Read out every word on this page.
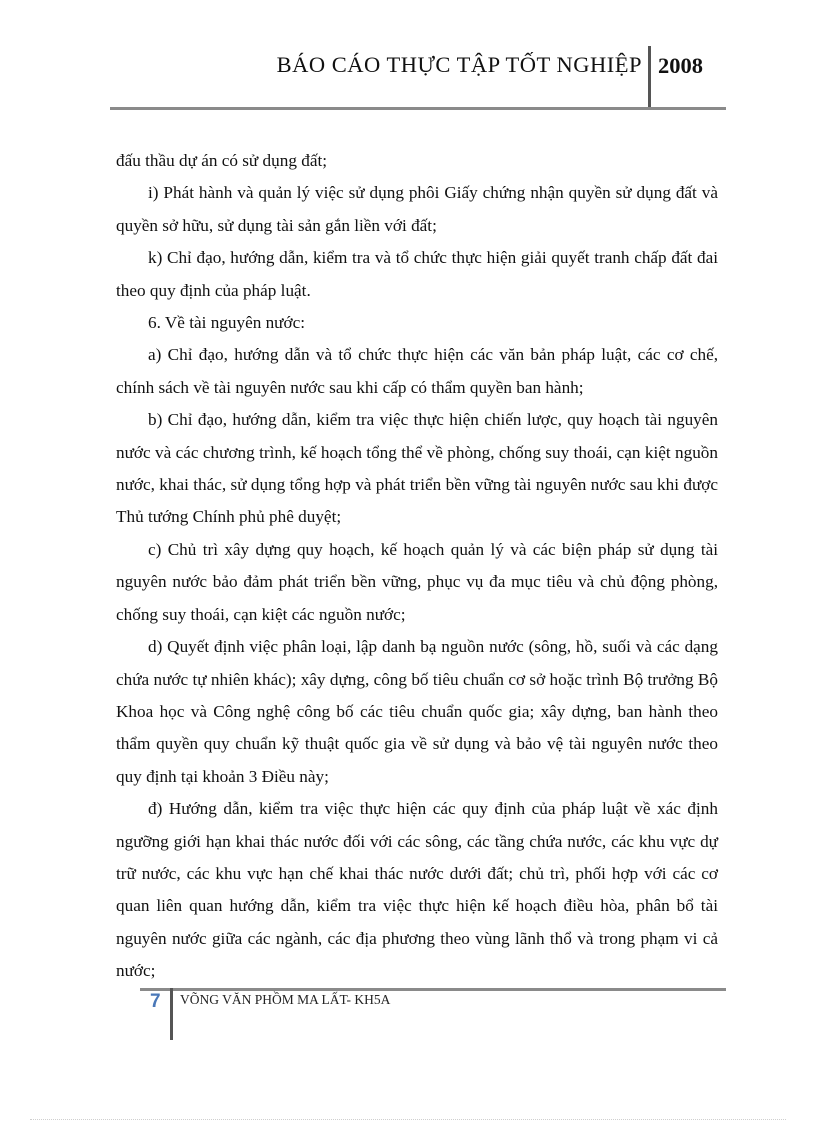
BÁO CÁO THỰC TẬP TỐT NGHIỆP 2008

đấu thầu dự án có sử dụng đất;

i) Phát hành và quản lý việc sử dụng phôi Giấy chứng nhận quyền sử dụng đất và quyền sở hữu, sử dụng tài sản gắn liền với đất;

k) Chỉ đạo, hướng dẫn, kiểm tra và tổ chức thực hiện giải quyết tranh chấp đất đai theo quy định của pháp luật.

6. Về tài nguyên nước:

a) Chỉ đạo, hướng dẫn và tổ chức thực hiện các văn bản pháp luật, các cơ chế, chính sách về tài nguyên nước sau khi cấp có thẩm quyền ban hành;

b) Chỉ đạo, hướng dẫn, kiểm tra việc thực hiện chiến lược, quy hoạch tài nguyên nước và các chương trình, kế hoạch tổng thể về phòng, chống suy thoái, cạn kiệt nguồn nước, khai thác, sử dụng tổng hợp và phát triển bền vững tài nguyên nước sau khi được Thủ tướng Chính phủ phê duyệt;

c) Chủ trì xây dựng quy hoạch, kế hoạch quản lý và các biện pháp sử dụng tài nguyên nước bảo đảm phát triển bền vững, phục vụ đa mục tiêu và chủ động phòng, chống suy thoái, cạn kiệt các nguồn nước;

d) Quyết định việc phân loại, lập danh bạ nguồn nước (sông, hồ, suối và các dạng chứa nước tự nhiên khác); xây dựng, công bố tiêu chuẩn cơ sở hoặc trình Bộ trưởng Bộ Khoa học và Công nghệ công bố các tiêu chuẩn quốc gia; xây dựng, ban hành theo thẩm quyền quy chuẩn kỹ thuật quốc gia về sử dụng và bảo vệ tài nguyên nước theo quy định tại khoản 3 Điều này;

đ) Hướng dẫn, kiểm tra việc thực hiện các quy định của pháp luật về xác định ngưỡng giới hạn khai thác nước đối với các sông, các tầng chứa nước, các khu vực dự trữ nước, các khu vực hạn chế khai thác nước dưới đất; chủ trì, phối hợp với các cơ quan liên quan hướng dẫn, kiểm tra việc thực hiện kế hoạch điều hòa, phân bổ tài nguyên nước giữa các ngành, các địa phương theo vùng lãnh thổ và trong phạm vi cả nước;

7 VÕNG VĂN PHỒM MA LẤT- KH5A
